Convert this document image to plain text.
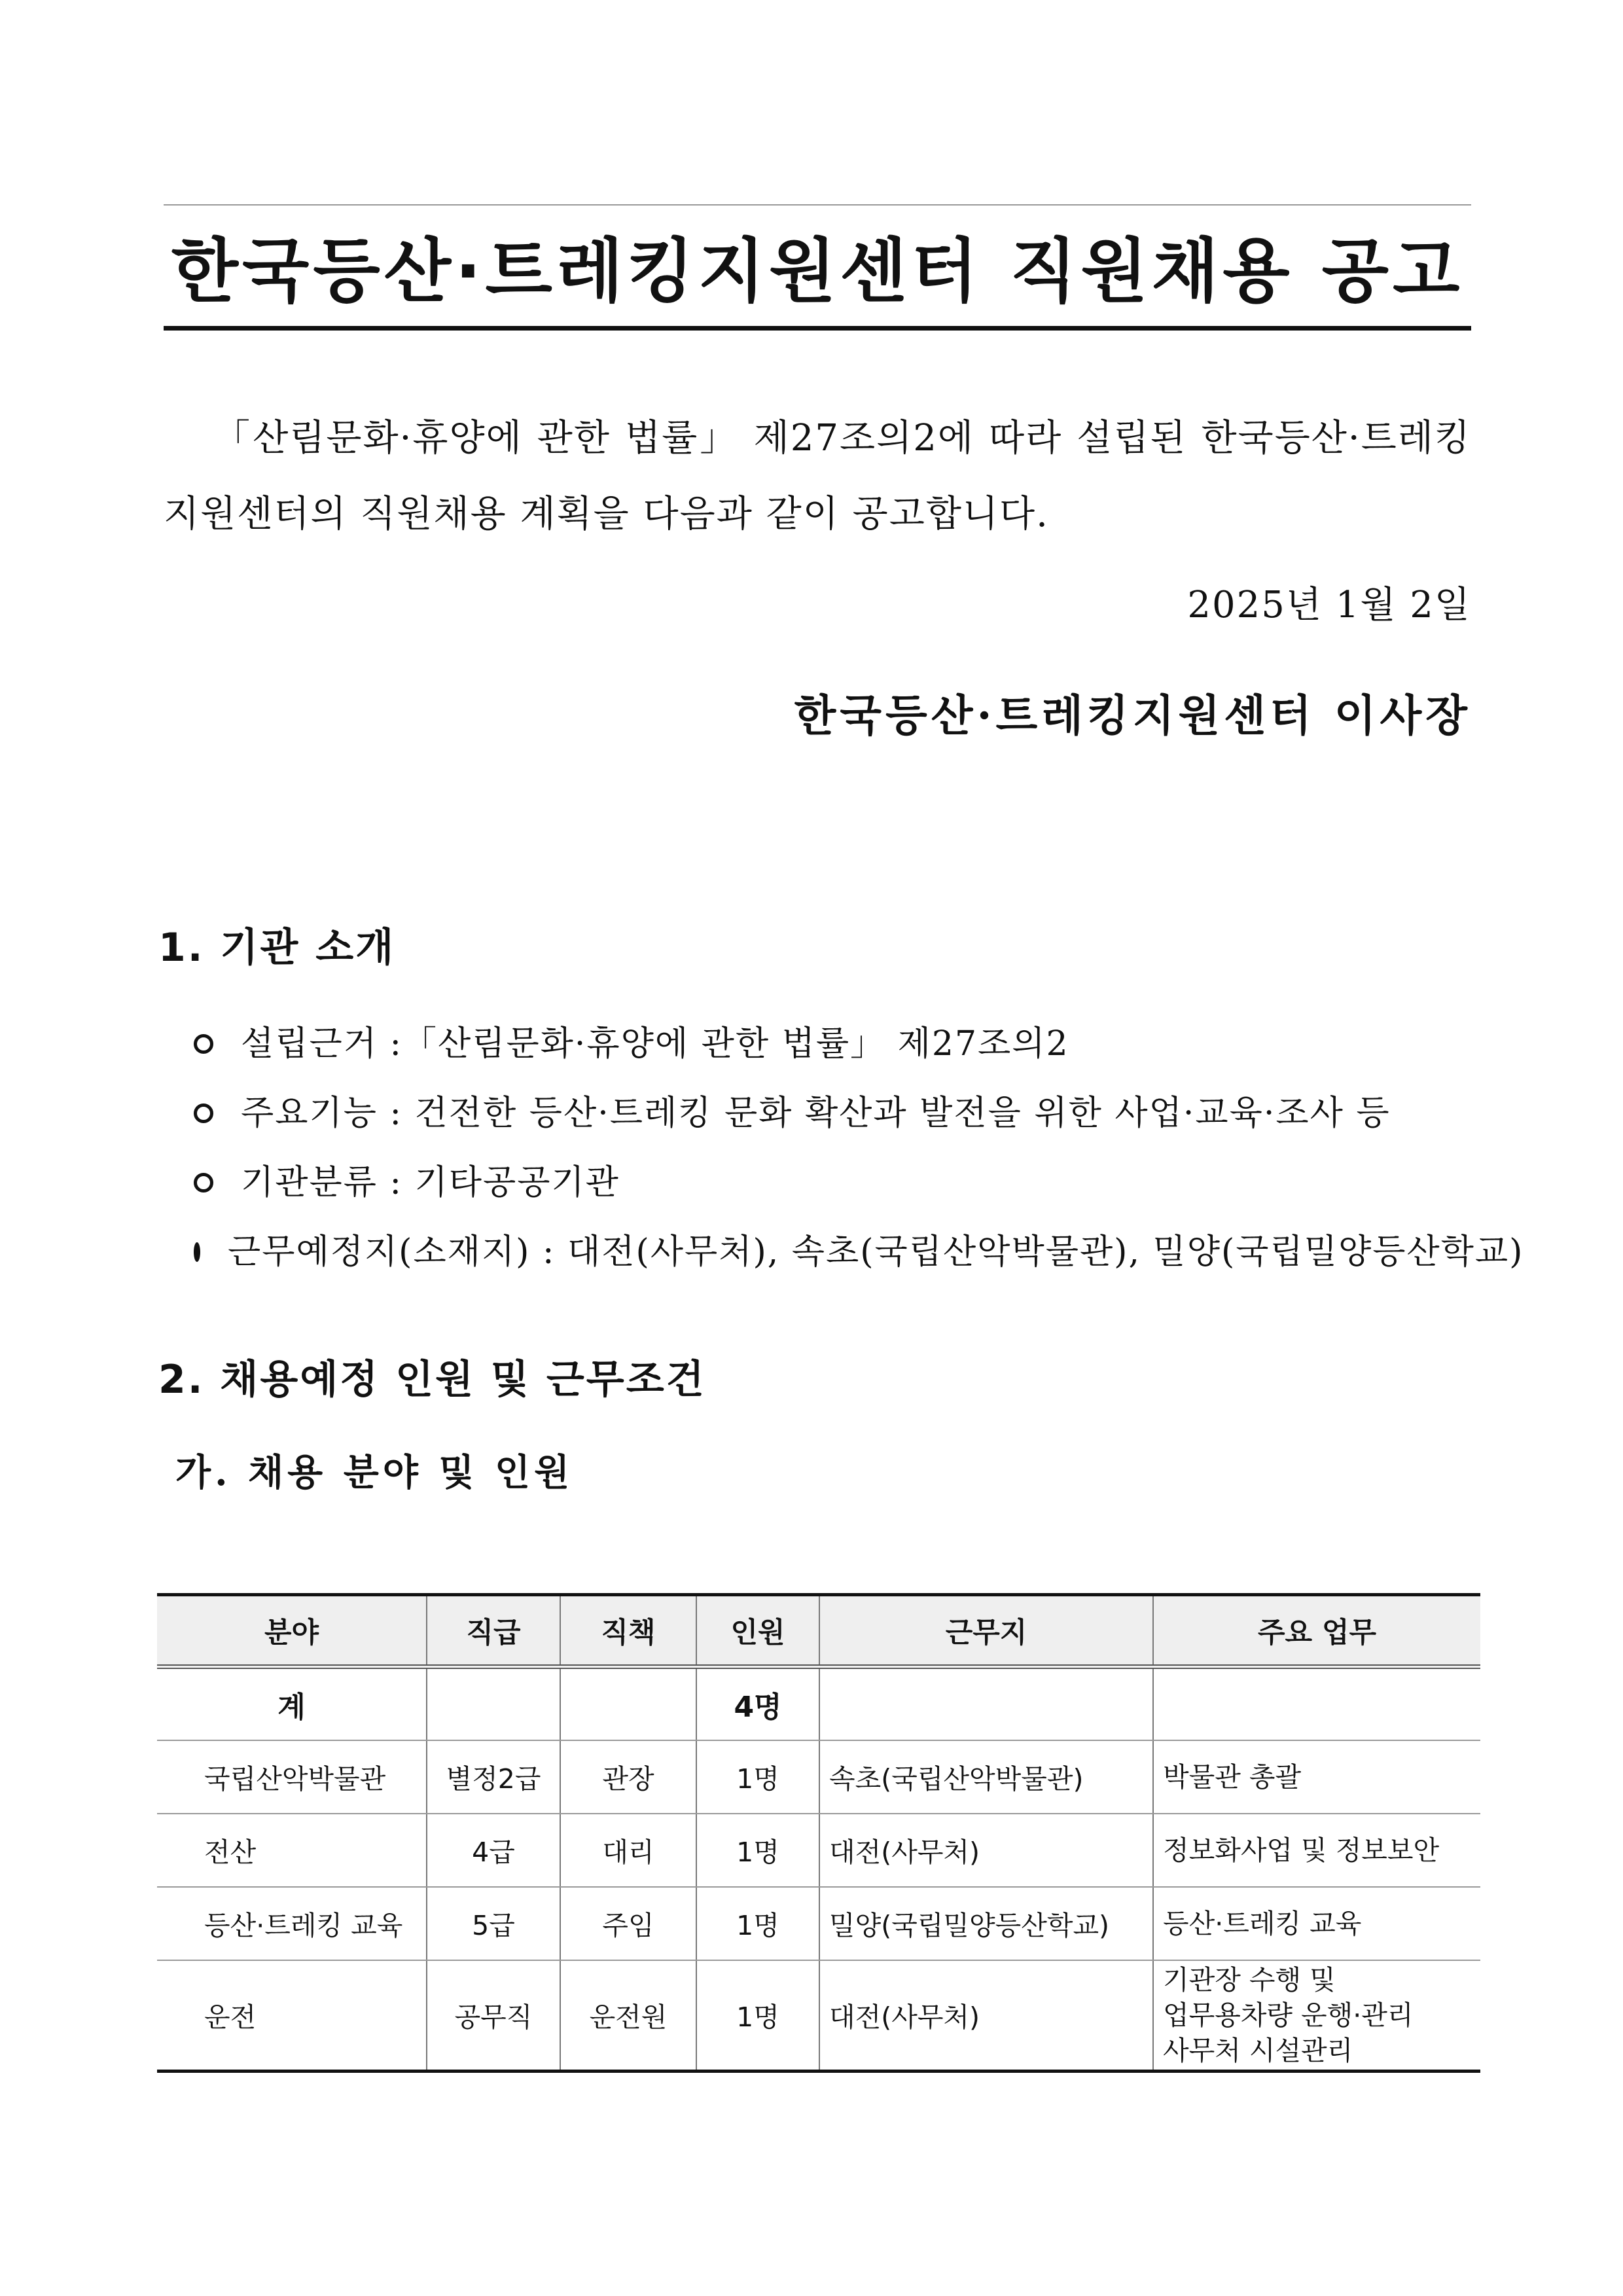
한국등산·트레킹지원센터 직원채용 공고
「산림문화·휴양에 관한 법률」 제27조의2에 따라 설립된 한국등산·트레킹지원센터의 직원채용 계획을 다음과 같이 공고합니다.
2025년 1월 2일
한국등산·트레킹지원센터 이사장
1. 기관 소개
설립근거 :「산림문화·휴양에 관한 법률」 제27조의2
주요기능 : 건전한 등산·트레킹 문화 확산과 발전을 위한 사업·교육·조사 등
기관분류 : 기타공공기관
근무예정지(소재지) : 대전(사무처), 속초(국립산악박물관), 밀양(국립밀양등산학교)
2. 채용예정 인원 및 근무조건
가. 채용 분야 및 인원
분야	직급	직책	인원	근무지	주요 업무
계			4명		
국립산악박물관	별정2급	관장	1명	속초(국립산악박물관)	박물관 총괄

전산	4급	대리	1명	대전(사무처)	정보화사업 및 정보보안

등산·트레킹 교육	5급	주임	1명	밀양(국립밀양등산학교)	등산·트레킹 교육

운전	공무직	운전원	1명	대전(사무처)	기관장 수행 및
업무용차량 운행·관리
사무처 시설관리
